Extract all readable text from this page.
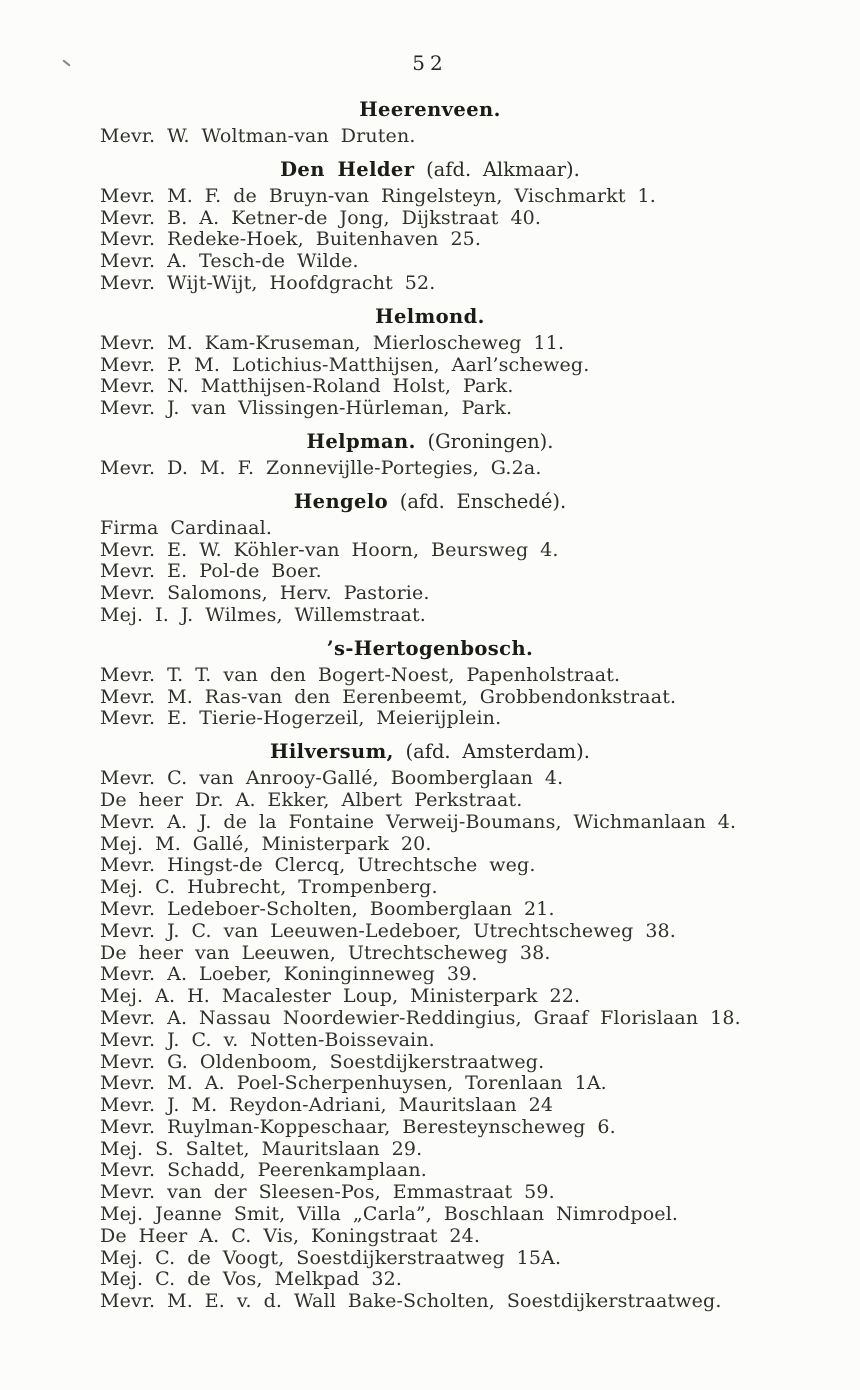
52
Heerenveen.
Mevr. W. Woltman-van Druten.
Den Helder (afd. Alkmaar).
Mevr. M. F. de Bruyn-van Ringelsteyn, Vischmarkt 1.
Mevr. B. A. Ketner-de Jong, Dijkstraat 40.
Mevr. Redeke-Hoek, Buitenhaven 25.
Mevr. A. Tesch-de Wilde.
Mevr. Wijt-Wijt, Hoofdgracht 52.
Helmond.
Mevr. M. Kam-Kruseman, Mierloscheweg 11.
Mevr. P. M. Lotichius-Matthijsen, Aarl’scheweg.
Mevr. N. Matthijsen-Roland Holst, Park.
Mevr. J. van Vlissingen-Hürleman, Park.
Helpman. (Groningen).
Mevr. D. M. F. Zonnevijlle-Portegies, G.2a.
Hengelo (afd. Enschedé).
Firma Cardinaal.
Mevr. E. W. Köhler-van Hoorn, Beursweg 4.
Mevr. E. Pol-de Boer.
Mevr. Salomons, Herv. Pastorie.
Mej. I. J. Wilmes, Willemstraat.
’s-Hertogenbosch.
Mevr. T. T. van den Bogert-Noest, Papenholstraat.
Mevr. M. Ras-van den Eerenbeemt, Grobbendonkstraat.
Mevr. E. Tierie-Hogerzeil, Meierijplein.
Hilversum, (afd. Amsterdam).
Mevr. C. van Anrooy-Gallé, Boomberglaan 4.
De heer Dr. A. Ekker, Albert Perkstraat.
Mevr. A. J. de la Fontaine Verweij-Boumans, Wichmanlaan 4.
Mej. M. Gallé, Ministerpark 20.
Mevr. Hingst-de Clercq, Utrechtsche weg.
Mej. C. Hubrecht, Trompenberg.
Mevr. Ledeboer-Scholten, Boomberglaan 21.
Mevr. J. C. van Leeuwen-Ledeboer, Utrechtscheweg 38.
De heer van Leeuwen, Utrechtscheweg 38.
Mevr. A. Loeber, Koninginneweg 39.
Mej. A. H. Macalester Loup, Ministerpark 22.
Mevr. A. Nassau Noordewier-Reddingius, Graaf Florislaan 18.
Mevr. J. C. v. Notten-Boissevain.
Mevr. G. Oldenboom, Soestdijkerstraatweg.
Mevr. M. A. Poel-Scherpenhuysen, Torenlaan 1A.
Mevr. J. M. Reydon-Adriani, Mauritslaan 24
Mevr. Ruylman-Koppeschaar, Beresteynscheweg 6.
Mej. S. Saltet, Mauritslaan 29.
Mevr. Schadd, Peerenkamplaan.
Mevr. van der Sleesen-Pos, Emmastraat 59.
Mej. Jeanne Smit, Villa „Carla”, Boschlaan Nimrodpoel.
De Heer A. C. Vis, Koningstraat 24.
Mej. C. de Voogt, Soestdijkerstraatweg 15A.
Mej. C. de Vos, Melkpad 32.
Mevr. M. E. v. d. Wall Bake-Scholten, Soestdijkerstraatweg.
